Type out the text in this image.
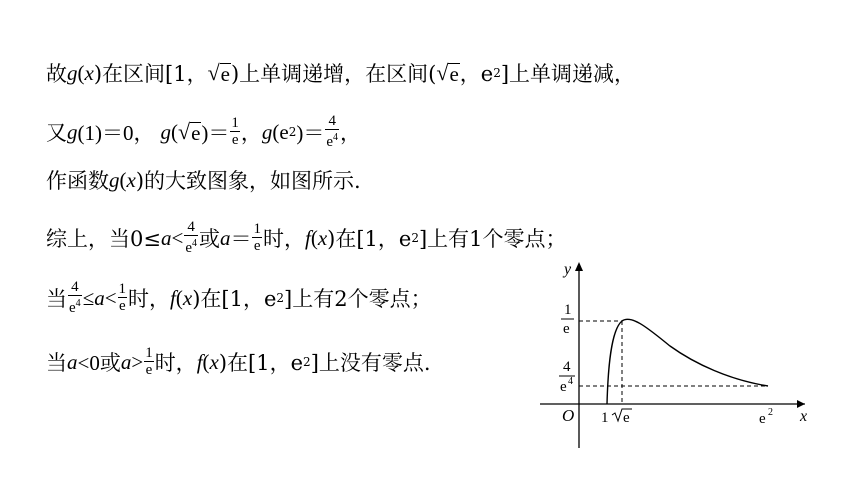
故 g ( x )在区间[1， √ e )上单调递增，在区间( √ e ，e 2 ]上单调递减，
又 g (1)＝0， g ( √ e )＝ $\frac{1}{e}$ ， g (e 2 )＝ $\frac{4}{e^4}$ ，
作函数 g ( x )的大致图象，如图所示.
综上，当$0\le a < \frac{4}{e^4}$ 或 $a = \frac{1}{e}$ 时， f ( x )在[1，e 2 ]上有1个零点；
当 $\frac{4}{e^4} \le a < \frac{1}{e}$ 时， f ( x )在[1，e 2 ]上有2个零点；
当 a <0或 $a > \frac{1}{e}$ 时， f ( x )在[1，e 2 ]上没有零点.
y
x
O
1
e
4
e 4
1 e	e 2
